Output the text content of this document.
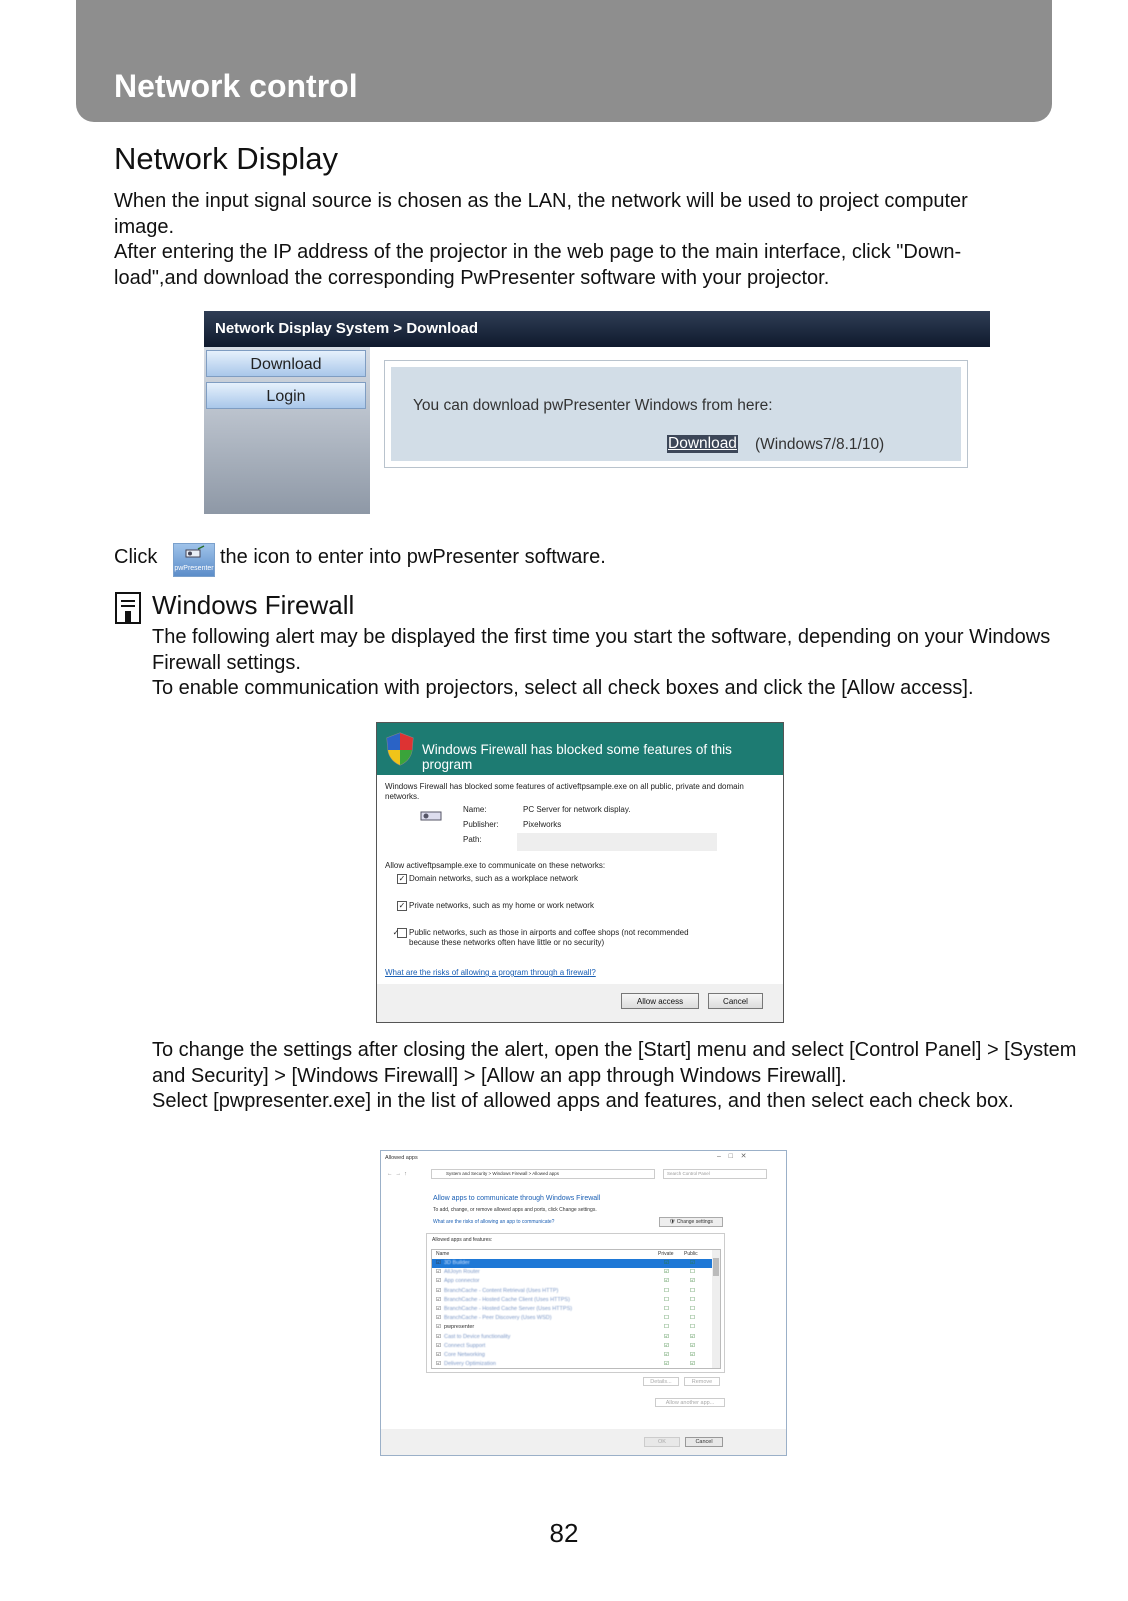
Network control
Network Display
When the input signal source is chosen as the LAN, the network will be used to project computer image.
After entering the IP address of the projector in the web page to the main interface, click "Down-load",and download the corresponding PwPresenter software with your projector.
Network Display System > Download
Download
Login
You can download pwPresenter Windows from here:
Download (Windows7/8.1/10)
Click
pwPresenter
the icon to enter into pwPresenter software.
Windows Firewall
The following alert may be displayed the first time you start the software, depending on your Windows Firewall settings.
To enable communication with projectors, select all check boxes and click the [Allow access].
Windows Firewall has blocked some features of this program
Windows Firewall has blocked some features of activeftpsample.exe on all public, private and domain networks.
Name:	PC Server for network display.
Publisher:	Pixelworks
Path:
Allow activeftpsample.exe to communicate on these networks:
✓ Domain networks, such as a workplace network
✓ Private networks, such as my home or work network
✓ Public networks, such as those in airports and coffee shops (not recommended because these networks often have little or no security)
What are the risks of allowing a program through a firewall?
Allow access	Cancel
To change the settings after closing the alert, open the [Start] menu and select [Control Panel] > [System and Security] > [Windows Firewall] > [Allow an app through Windows Firewall].
Select [pwpresenter.exe] in the list of allowed apps and features, and then select each check box.
Allowed apps	–    □    ✕
←  →  ↑	System and Security > Windows Firewall > Allowed apps	Search Control Panel
Allow apps to communicate through Windows Firewall
To add, change, or remove allowed apps and ports, click Change settings.
What are the risks of allowing an app to communicate?	🛡 Change settings
Allowed apps and features:
Name	Private Public
☑ 3D Builder	☑	☑
☑ AllJoyn Router	☑	☐
☑ App connector	☑	☑
☑ BranchCache - Content Retrieval (Uses HTTP)	☐	☐
☑ BranchCache - Hosted Cache Client (Uses HTTPS)	☐	☐
☑ BranchCache - Hosted Cache Server (Uses HTTPS)	☐	☐
☑ BranchCache - Peer Discovery (Uses WSD)	☐	☐
☑ pwpresenter	☐	☐
☑ Cast to Device functionality	☑	☑
☑ Connect Support	☑	☑
☑ Core Networking	☑	☑
☑ Delivery Optimization	☑	☑
Details...	Remove
Allow another app...
OK	Cancel
82
